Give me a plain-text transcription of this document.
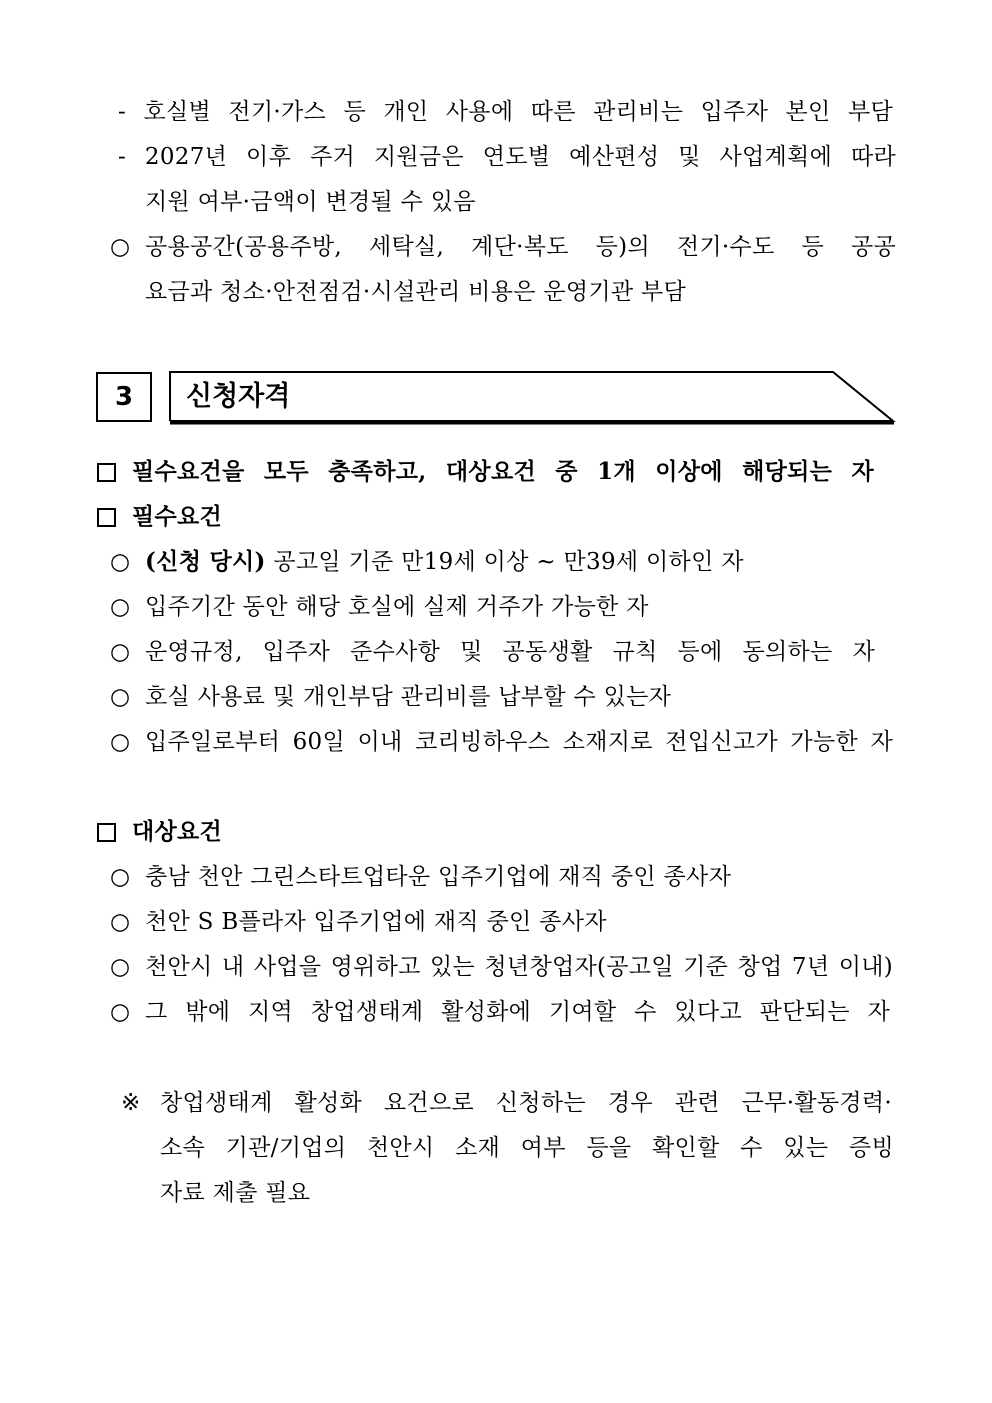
- 호실별 전기·가스 등 개인 사용에 따른 관리비는 입주자 본인 부담
- 2027년 이후 주거 지원금은 연도별 예산편성 및 사업계획에 따라
지원 여부·금액이 변경될 수 있음
○ 공용공간(공용주방, 세탁실, 계단·복도 등)의 전기·수도 등 공공
요금과 청소·안전점검·시설관리 비용은 운영기관 부담
3 신청자격
필수요건을 모두 충족하고, 대상요건 중 1개 이상에 해당되는 자
필수요건
○ (신청 당시) 공고일 기준 만19세 이상 ~ 만39세 이하인 자
○ 입주기간 동안 해당 호실에 실제 거주가 가능한 자
○ 운영규정, 입주자 준수사항 및 공동생활 규칙 등에 동의하는 자
○ 호실 사용료 및 개인부담 관리비를 납부할 수 있는자
○ 입주일로부터 60일 이내 코리빙하우스 소재지로 전입신고가 가능한 자
대상요건
○ 충남 천안 그린스타트업타운 입주기업에 재직 중인 종사자
○ 천안 S B플라자 입주기업에 재직 중인 종사자
○ 천안시 내 사업을 영위하고 있는 청년창업자(공고일 기준 창업 7년 이내)
○ 그 밖에 지역 창업생태계 활성화에 기여할 수 있다고 판단되는 자
※ 창업생태계 활성화 요건으로 신청하는 경우 관련 근무·활동경력·
소속 기관/기업의 천안시 소재 여부 등을 확인할 수 있는 증빙
자료 제출 필요
